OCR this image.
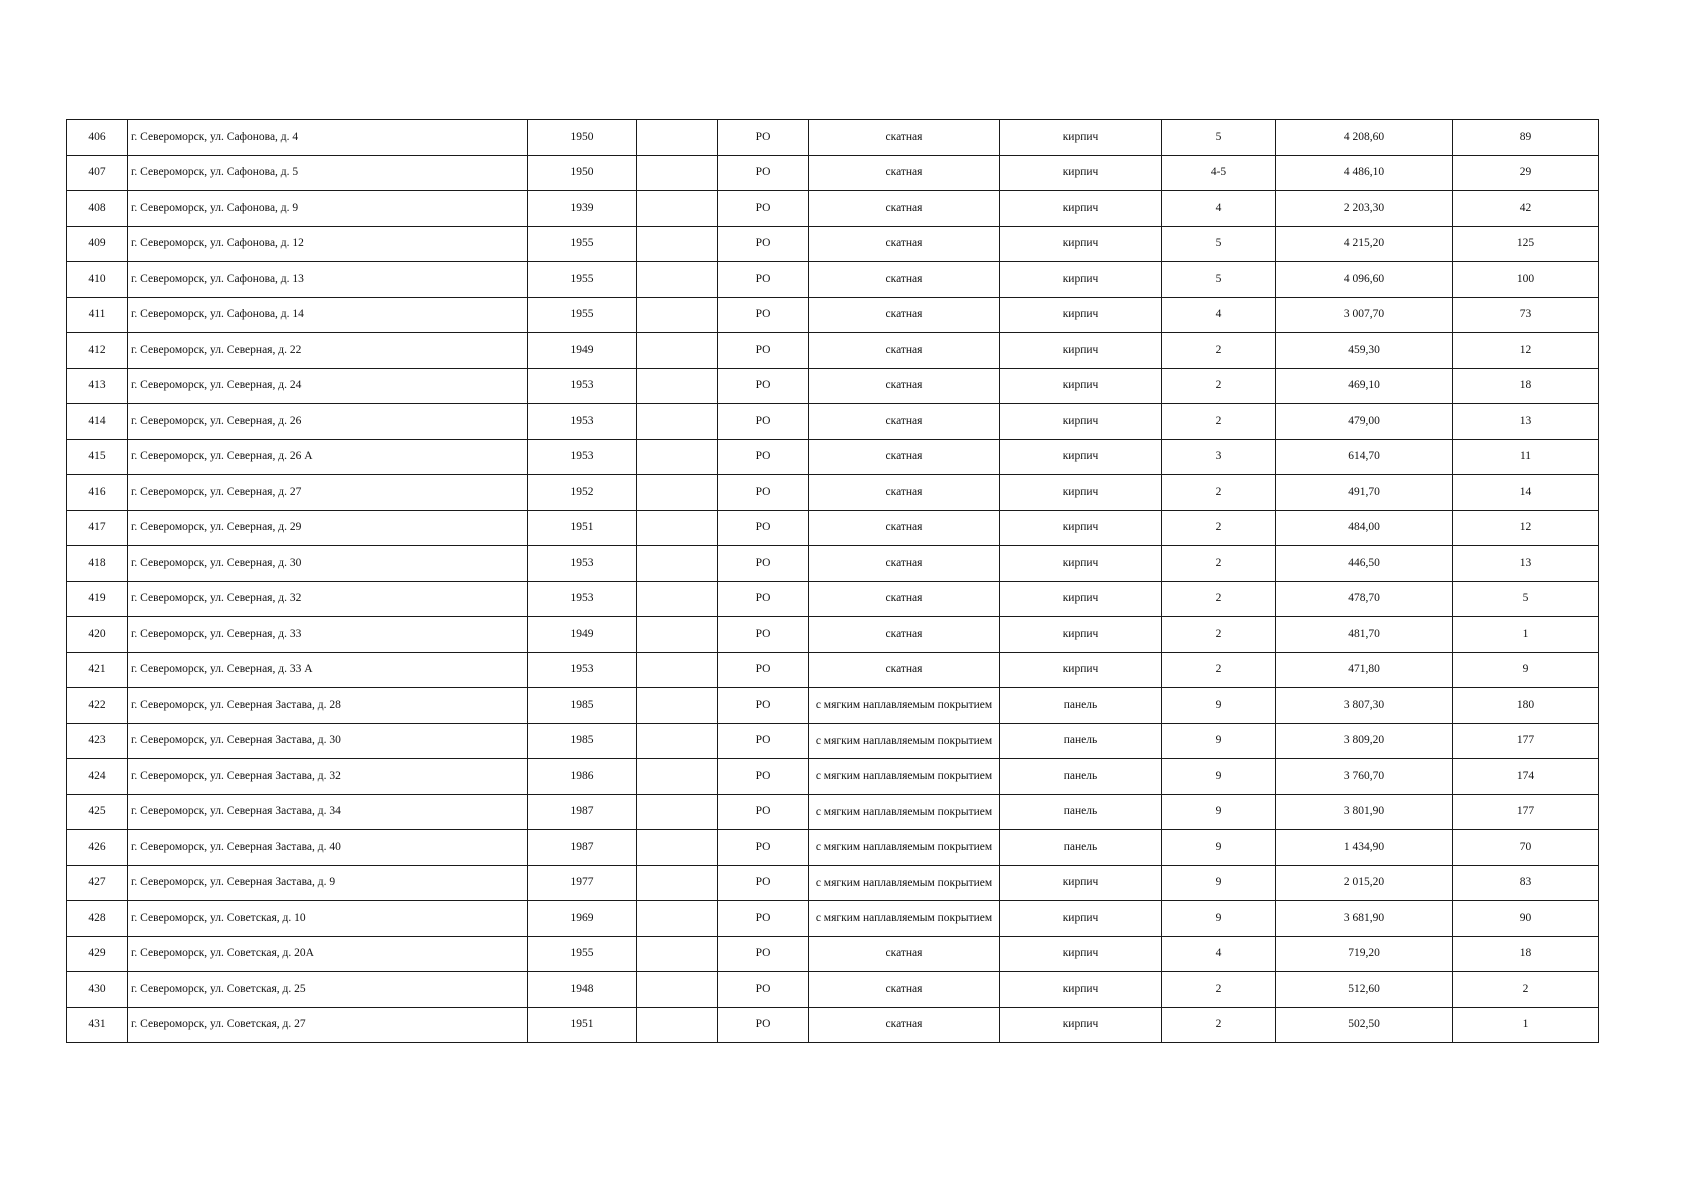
406	г. Североморск, ул. Сафонова, д. 4	1950		РО	скатная	кирпич	5	4 208,60	89
407	г. Североморск, ул. Сафонова, д. 5	1950		РО	скатная	кирпич	4-5	4 486,10	29
408	г. Североморск, ул. Сафонова, д. 9	1939		РО	скатная	кирпич	4	2 203,30	42
409	г. Североморск, ул. Сафонова, д. 12	1955		РО	скатная	кирпич	5	4 215,20	125
410	г. Североморск, ул. Сафонова, д. 13	1955		РО	скатная	кирпич	5	4 096,60	100
411	г. Североморск, ул. Сафонова, д. 14	1955		РО	скатная	кирпич	4	3 007,70	73
412	г. Североморск, ул. Северная, д. 22	1949		РО	скатная	кирпич	2	459,30	12
413	г. Североморск, ул. Северная, д. 24	1953		РО	скатная	кирпич	2	469,10	18
414	г. Североморск, ул. Северная, д. 26	1953		РО	скатная	кирпич	2	479,00	13
415	г. Североморск, ул. Северная, д. 26 А	1953		РО	скатная	кирпич	3	614,70	11
416	г. Североморск, ул. Северная, д. 27	1952		РО	скатная	кирпич	2	491,70	14
417	г. Североморск, ул. Северная, д. 29	1951		РО	скатная	кирпич	2	484,00	12
418	г. Североморск, ул. Северная, д. 30	1953		РО	скатная	кирпич	2	446,50	13
419	г. Североморск, ул. Северная, д. 32	1953		РО	скатная	кирпич	2	478,70	5
420	г. Североморск, ул. Северная, д. 33	1949		РО	скатная	кирпич	2	481,70	1
421	г. Североморск, ул. Северная, д. 33 А	1953		РО	скатная	кирпич	2	471,80	9
422	г. Североморск, ул. Северная Застава, д. 28	1985		РО	с мягким наплавляемым покрытием	панель	9	3 807,30	180
423	г. Североморск, ул. Северная Застава, д. 30	1985		РО	с мягким наплавляемым покрытием	панель	9	3 809,20	177
424	г. Североморск, ул. Северная Застава, д. 32	1986		РО	с мягким наплавляемым покрытием	панель	9	3 760,70	174
425	г. Североморск, ул. Северная Застава, д. 34	1987		РО	с мягким наплавляемым покрытием	панель	9	3 801,90	177
426	г. Североморск, ул. Северная Застава, д. 40	1987		РО	с мягким наплавляемым покрытием	панель	9	1 434,90	70
427	г. Североморск, ул. Северная Застава, д. 9	1977		РО	с мягким наплавляемым покрытием	кирпич	9	2 015,20	83
428	г. Североморск, ул. Советская, д. 10	1969		РО	с мягким наплавляемым покрытием	кирпич	9	3 681,90	90
429	г. Североморск, ул. Советская, д. 20А	1955		РО	скатная	кирпич	4	719,20	18
430	г. Североморск, ул. Советская, д. 25	1948		РО	скатная	кирпич	2	512,60	2
431	г. Североморск, ул. Советская, д. 27	1951		РО	скатная	кирпич	2	502,50	1
